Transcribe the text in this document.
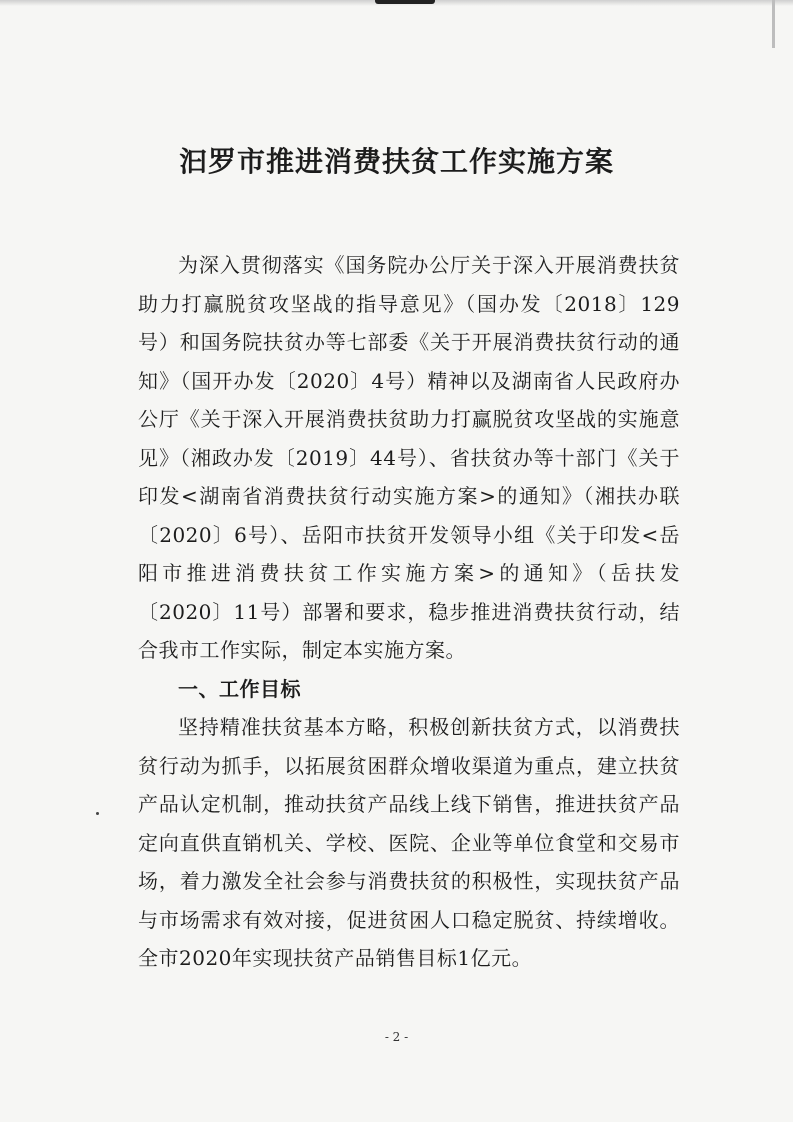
汩罗市推进消费扶贫工作实施方案

为深入贯彻落实《国务院办公厅关于深入开展消费扶贫助力打赢脱贫攻坚战的指导意见》（国办发〔2018〕129号）和国务院扶贫办等七部委《关于开展消费扶贫行动的通知》（国开办发〔2020〕4号）精神以及湖南省人民政府办公厅《关于深入开展消费扶贫助力打赢脱贫攻坚战的实施意见》（湘政办发〔2019〕44号）、省扶贫办等十部门《关于印发<湖南省消费扶贫行动实施方案>的通知》（湘扶办联〔2020〕6号）、岳阳市扶贫开发领导小组《关于印发<岳阳市推进消费扶贫工作实施方案>的通知》（岳扶发〔2020〕11号）部署和要求，稳步推进消费扶贫行动，结合我市工作实际，制定本实施方案。

一、工作目标

坚持精准扶贫基本方略，积极创新扶贫方式，以消费扶贫行动为抓手，以拓展贫困群众增收渠道为重点，建立扶贫产品认定机制，推动扶贫产品线上线下销售，推进扶贫产品定向直供直销机关、学校、医院、企业等单位食堂和交易市场，着力激发全社会参与消费扶贫的积极性，实现扶贫产品与市场需求有效对接，促进贫困人口稳定脱贫、持续增收。全市2020年实现扶贫产品销售目标1亿元。

- 2 -
